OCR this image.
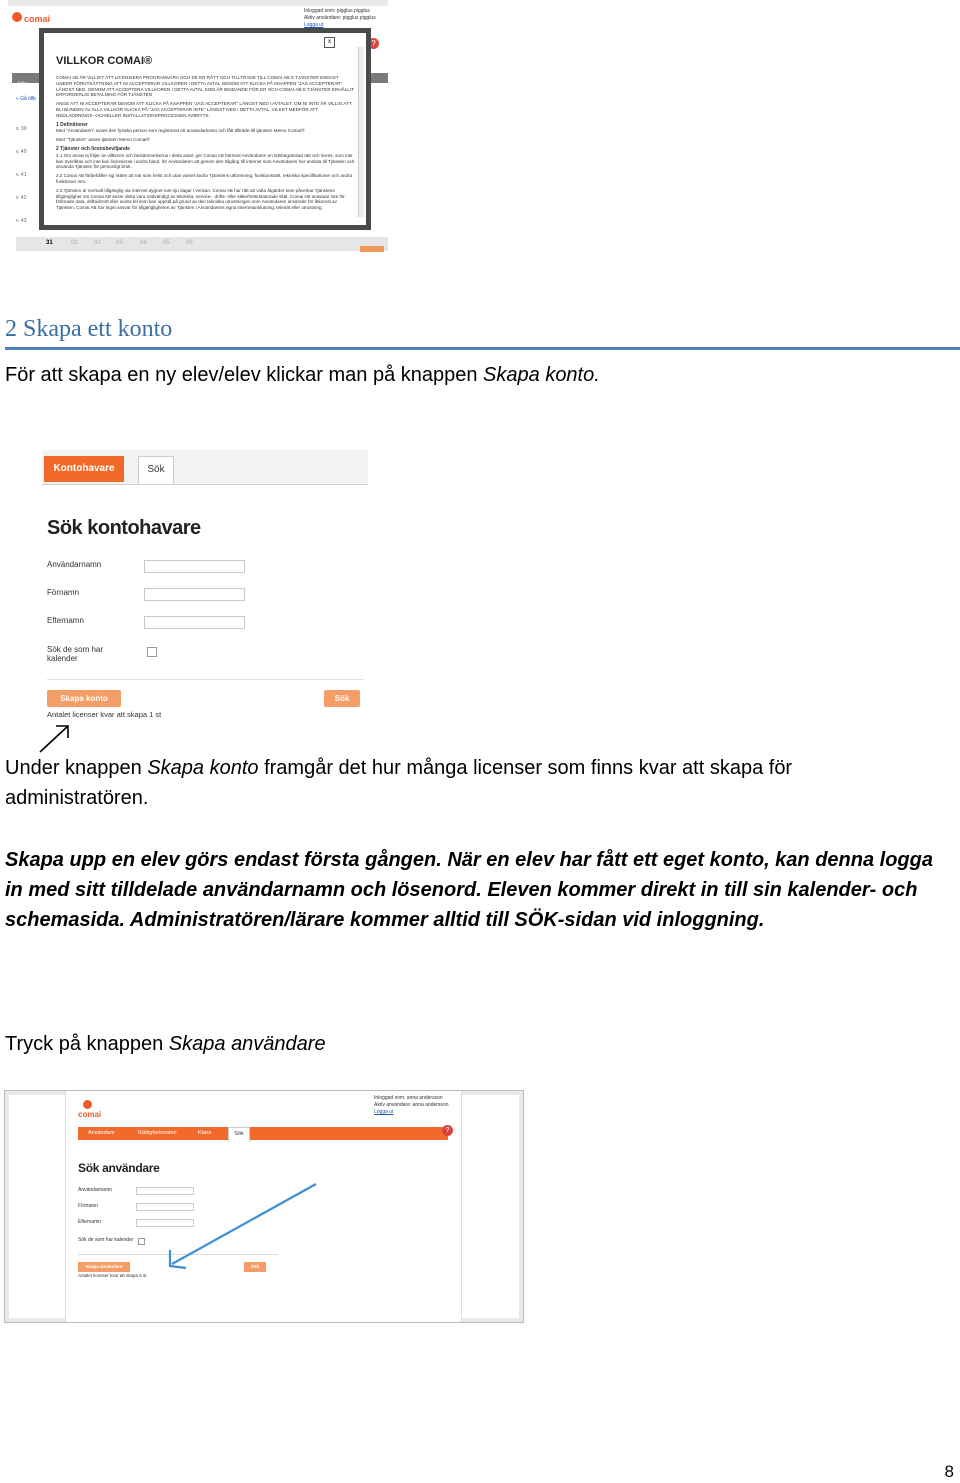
comai
Inloggad som: pigglus pigglus
Aktiv användare: pigglus pigglus
Logga ut
?
Min
« Gå tillb
v. 39
v. 40
v. 41
v. 42
v. 43
31	01	02	03	04	05	06
x
VILLKOR COMAI®
COMAI AB ÄR VILLIGT ATT LICENSIERA PROGRAMVARA OCH DE ER RÄTT OCH TILLTRADE TILL COMAI AB:S TJÄNSTER ENDAST UNDER FÖRUTSÄTTNING ATT NI ACCEPTERAR VILLKOREN I DETTA AVTAL GENOM ATT KLICKA PÅ KNAPPEN "JAG ACCEPTERAR" LÄNGST NED. GENOM ATT ACCEPTERA VILLKOREN I DETTA AVTAL SOM ÄR BINDANDE FÖR ER OCH COMAI AB:S TJÄNSTER ERHÅLLIT ERFORDERLIG BETALNING FÖR TJÄNSTEN
ANGE ATT NI ACCEPTERAR DENOM ATT KLICKA PÅ KNAPPEN "JAG ACCEPTERAR" LÄNGST NED I AVTALET. OM NI INTE ÄR VILLIG ATT BLI BUNDEN AV ALLA VILLKOR KLICKA PÅ "JAG ACCEPTERAR INTE" LÄNGST NED I DETTA AVTAL. VILKET MEDFÖR ATT NEDLADDNINGS- OCH/ELLER INSTALLATIONSPROCESSEN AVBRYTS.
1 Definitioner
Med "Användaren" avses den fysiska person som registrerat ett användarkonto och fått tillträde till tjänsten Memo Comai®
Med "Tjänsten" avses tjänsten Memo Comai®
2 Tjänster och licensbeviljande
2.1 Om annat ej följer av villkoren och bestämmelserna i detta avtal, ger Comai AB härmed Användaren en tidsbegränsad rätt och licens, som inte kan överlåtas och inte kan licensieras i andra hand, för Användaren att genom den tillgång till internet som Användaren har ansluta till Tjänsten och använda Tjänsten för personligt bruk.
2.2 Comai AB förbehåller sig rätten att när som helst och utan varsel ändra Tjänstens utformning, funktionssätt, tekniska specifikationer och andra funktioner mm.
2.3 Tjänsten är normalt tillgänglig via internet dygnet runt sju dagar i veckan. Comai AB har rätt att vidta åtgärder som påverkar Tjänstens tillgänglighet om Comai AB anser detta vara nödvändigt av tekniska, service-, drifts- eller säkerhetsrelaterade skäl. Comai AB ansvarar inte för förlorade data, driftavbrott eller andra fel som kan uppstå på grund av den tekniska utrustningen som Användaren använder för åtkomst av Tjänsten. Comai AB har inget ansvar för tillgängligheten av Tjänsten i Användarens egna internetanslutning, telenät eller utrustning.
2 Skapa ett konto
För att skapa en ny elev/elev klickar man på knappen Skapa konto.
Kontohavare	Sök
Sök kontohavare
Användarnamn
Förnamn
Efternamn
Sök de som har
kalender
Skapa konto	Sök
Antalet licenser kvar att skapa 1 st
Under knappen Skapa konto framgår det hur många licenser som finns kvar att skapa för administratören.
Skapa upp en elev görs endast första gången. När en elev har fått ett eget konto, kan denna logga in med sitt tilldelade användarnamn och lösenord. Eleven kommer direkt in till sin kalender- och schemasida. Administratören/lärare kommer alltid till SÖK-sidan vid inloggning.
Tryck på knappen Skapa användare
comai
Inloggad som: anna andersson
Aktiv användare: anna andersson
Logga ut
Användare	Rättighetsnamn	Klass	Sök	?
Sök användare
Användarnamn
Förnamn
Efternamn
Sök de som har kalender
Skapa användare	Sök
Antalet licenser kvar att skapa 5 st
8
